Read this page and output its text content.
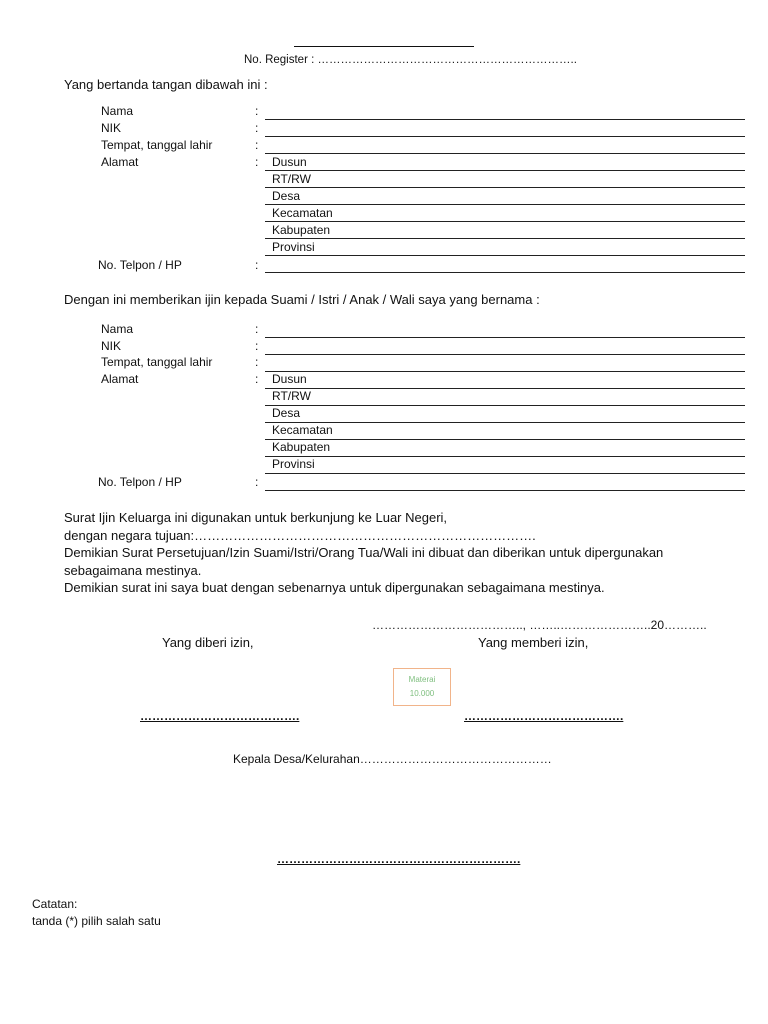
No. Register : …………………………………………………………..
Yang bertanda tangan dibawah ini :
Nama	:
NIK	:
Tempat, tanggal lahir	:
Alamat	: Dusun
RT/RW
Desa
Kecamatan
Kabupaten
Provinsi
No. Telpon / HP	:
Dengan ini memberikan ijin kepada Suami / Istri / Anak / Wali saya yang bernama :
Nama	:
NIK	:
Tempat, tanggal lahir	:
Alamat	: Dusun
RT/RW
Desa
Kecamatan
Kabupaten
Provinsi
No. Telpon / HP	:
Surat Ijin Keluarga ini digunakan untuk berkunjung ke Luar Negeri,
dengan negara tujuan:…………………………………………………………………….
Demikian Surat Persetujuan/Izin Suami/Istri/Orang Tua/Wali ini dibuat dan diberikan untuk dipergunakan
sebagaimana mestinya.
Demikian surat ini saya buat dengan sebenarnya untuk dipergunakan sebagaimana mestinya.
……………………………….., ……..…………………..20………..
Yang diberi izin,	Yang memberi izin,
Materai
10.000
………………………………….	………………………………….
Kepala Desa/Kelurahan…………………………………………
…………………………………………………….
Catatan:
tanda (*) pilih salah satu
